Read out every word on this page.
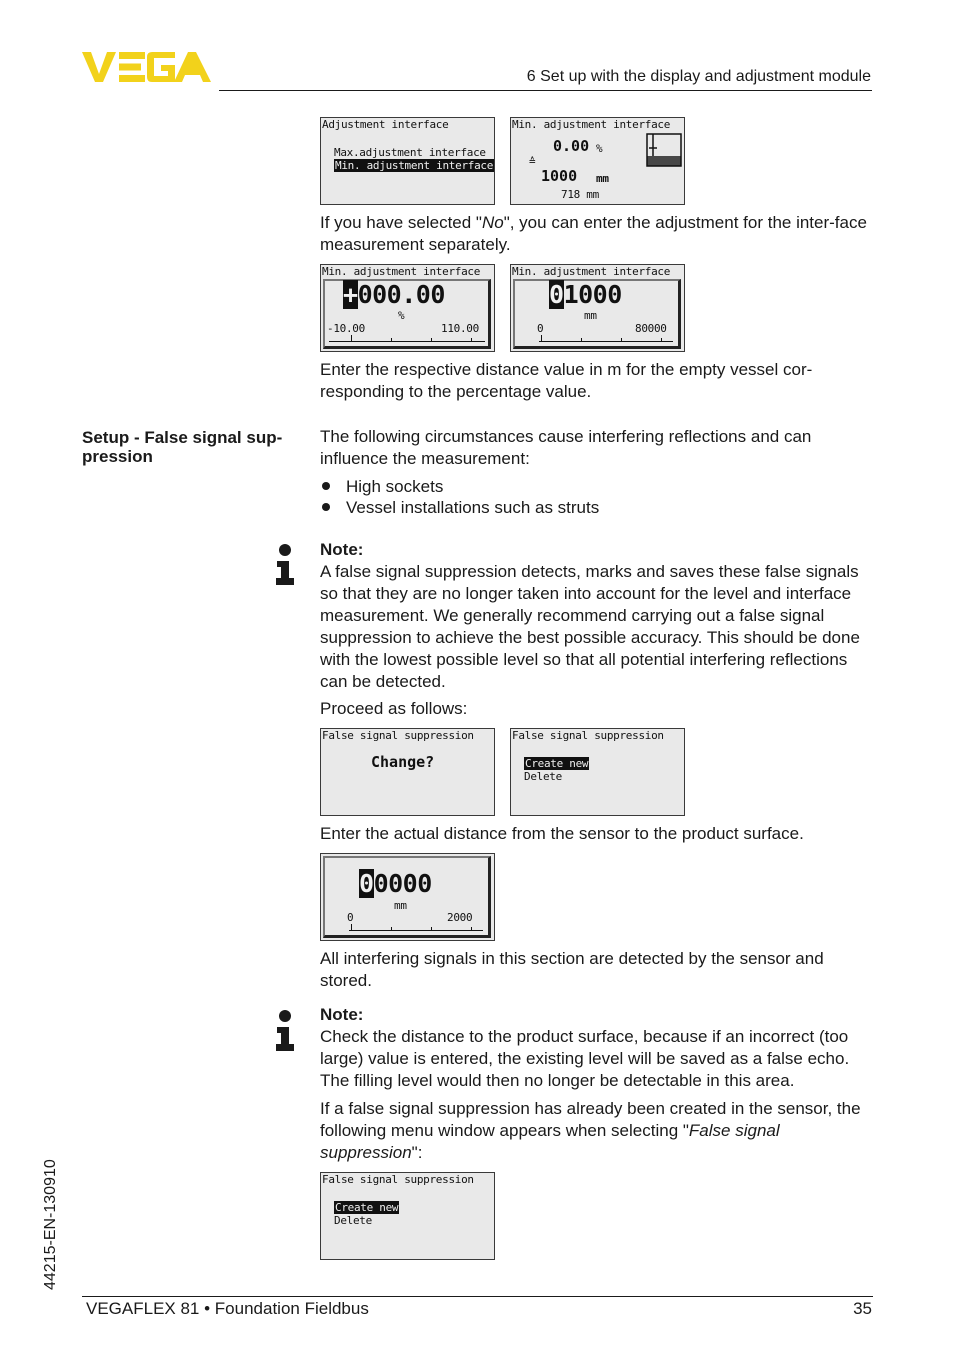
6 Set up with the display and adjustment module
Adjustment interface
Max.adjustment interface
Min. adjustment interface
Min. adjustment interface
0.00 %
≙
1000 mm
718 mm
If you have selected "No", you can enter the adjustment for the inter-face measurement separately.
Min. adjustment interface
+000.00
%
-10.00	110.00
Min. adjustment interface
01000
mm
0	80000
Enter the respective distance value in m for the empty vessel cor-responding to the percentage value.
Setup - False signal sup-pression
The following circumstances cause interfering reflections and can influence the measurement:
High sockets
Vessel installations such as struts
Note:
A false signal suppression detects, marks and saves these false signals so that they are no longer taken into account for the level and interface measurement. We generally recommend carrying out a false signal suppression to achieve the best possible accuracy. This should be done with the lowest possible level so that all potential interfering reflections can be detected.
Proceed as follows:
False signal suppression
Change?
False signal suppression
Create new
Delete
Enter the actual distance from the sensor to the product surface.
00000
mm
0	2000
All interfering signals in this section are detected by the sensor and stored.
Note:
Check the distance to the product surface, because if an incorrect (too large) value is entered, the existing level will be saved as a false echo. The filling level would then no longer be detectable in this area.
If a false signal suppression has already been created in the sensor, the following menu window appears when selecting "False signal suppression":
False signal suppression
Create new
Delete
44215-EN-130910
VEGAFLEX 81 • Foundation Fieldbus	35
